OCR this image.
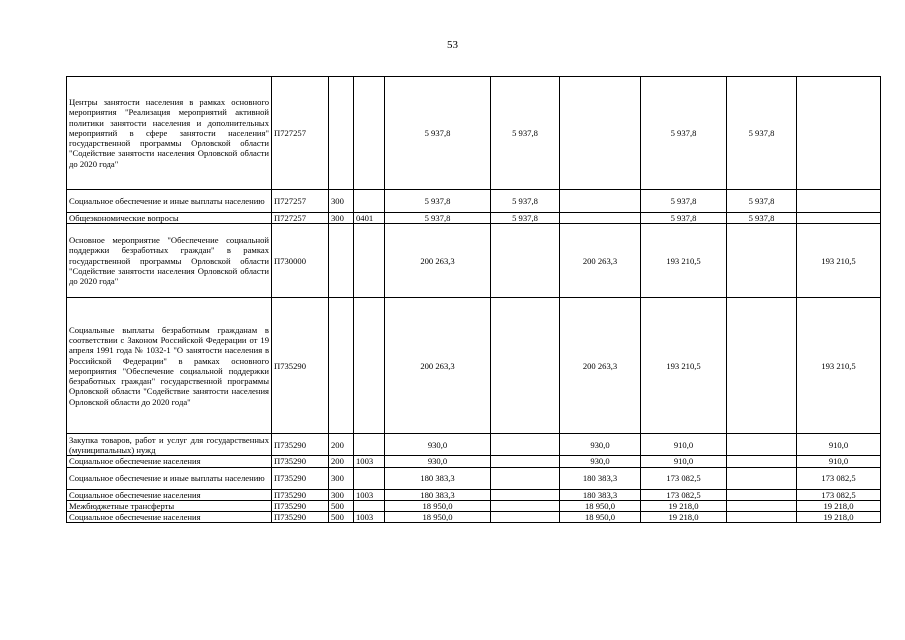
53
Центры занятости населения в рамках основного мероприятия "Реализация мероприятий активной политики занятости населения и дополнительных мероприятий в сфере занятости населения" государственной программы Орловской области "Содействие занятости населения Орловской области до 2020 года"	П727257			5 937,8	5 937,8		5 937,8	5 937,8	
Социальное обеспечение и иные выплаты населению	П727257	300		5 937,8	5 937,8		5 937,8	5 937,8	
Общеэкономические вопросы	П727257	300	0401	5 937,8	5 937,8		5 937,8	5 937,8	
Основное мероприятие "Обеспечение социальной поддержки безработных граждан" в рамках государственной программы Орловской области "Содействие занятости населения Орловской области до 2020 года"	П730000			200 263,3		200 263,3	193 210,5		193 210,5
Социальные выплаты безработным гражданам в соответствии с Законом Российской Федерации от 19 апреля 1991 года № 1032-1 "О занятости населения в Российской Федерации" в рамках основного мероприятия "Обеспечение социальной поддержки безработных граждан" государственной программы Орловской области "Содействие занятости населения Орловской области до 2020 года"	П735290			200 263,3		200 263,3	193 210,5		193 210,5
Закупка товаров, работ и услуг для государственных (муниципальных) нужд	П735290	200		930,0		930,0	910,0		910,0
Социальное обеспечение населения	П735290	200	1003	930,0		930,0	910,0		910,0
Социальное обеспечение и иные выплаты населению	П735290	300		180 383,3		180 383,3	173 082,5		173 082,5
Социальное обеспечение населения	П735290	300	1003	180 383,3		180 383,3	173 082,5		173 082,5
Межбюджетные трансферты	П735290	500		18 950,0		18 950,0	19 218,0		19 218,0
Социальное обеспечение населения	П735290	500	1003	18 950,0		18 950,0	19 218,0		19 218,0
